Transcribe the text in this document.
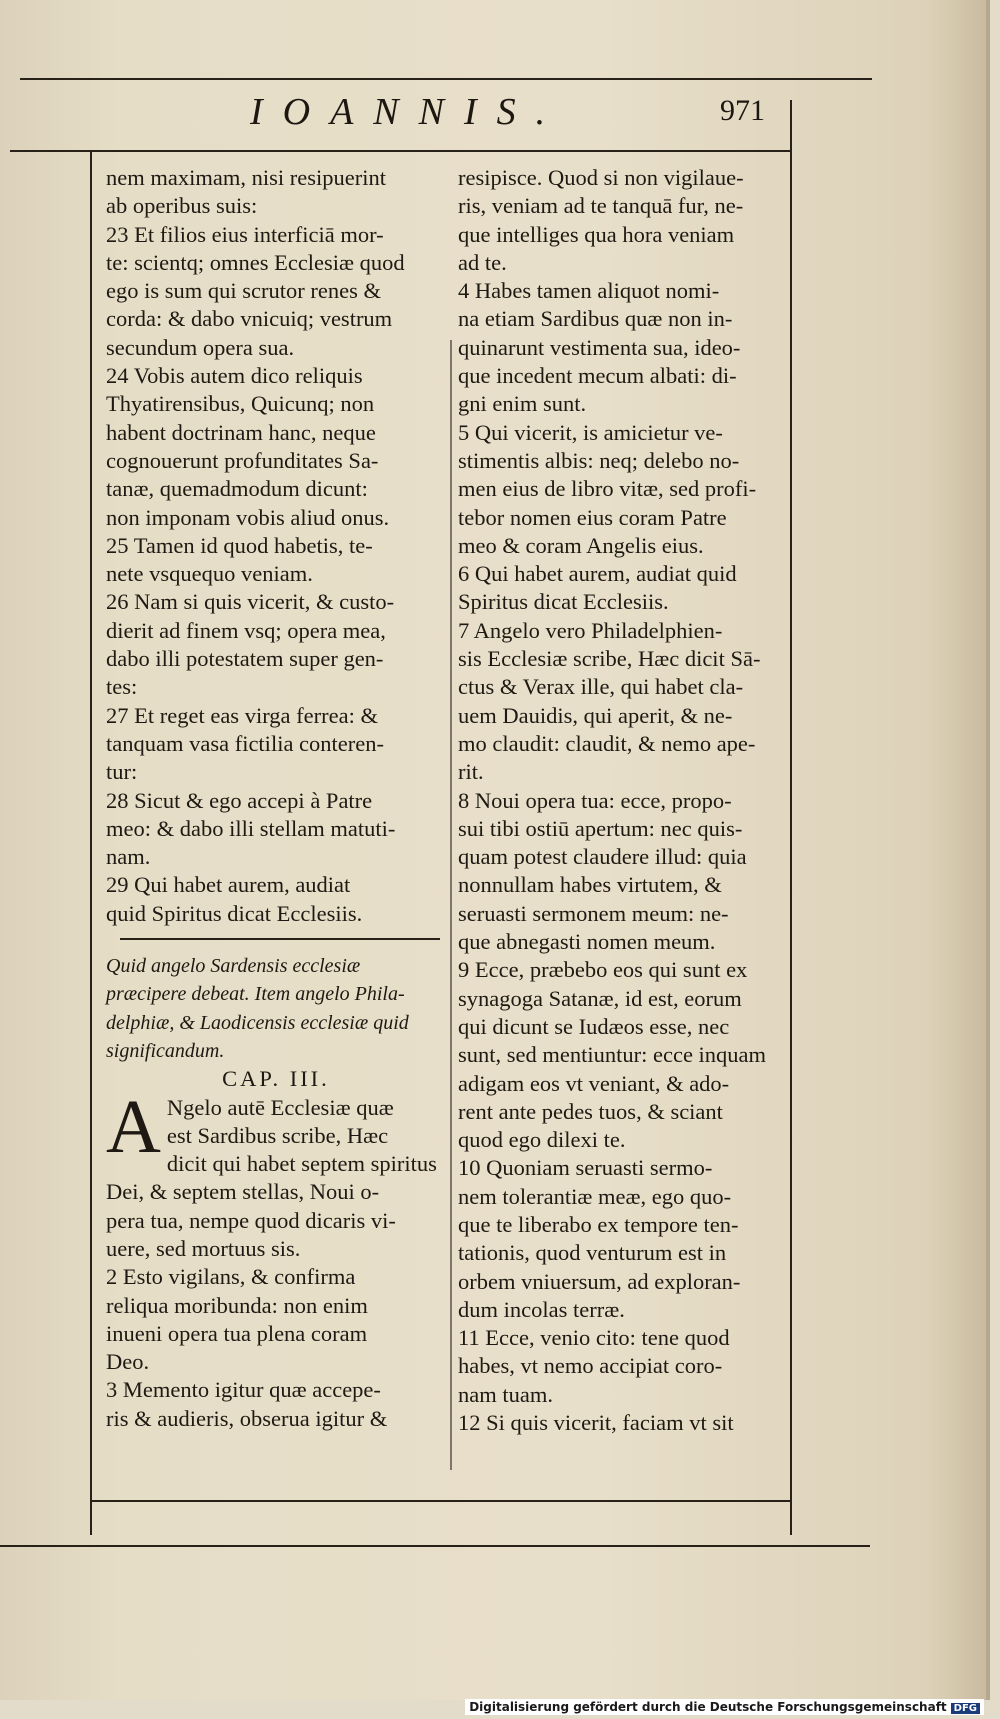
IOANNIS.	971
nem maximam, nisi resipuerint
ab operibus suis:
23 Et filios eius interficiā mor-
te: scientq; omnes Ecclesiæ quod
ego is sum qui scrutor renes &
corda: & dabo vnicuiq; vestrum
secundum opera sua.
24 Vobis autem dico reliquis
Thyatirensibus, Quicunq; non
habent doctrinam hanc, neque
cognouerunt profunditates Sa-
tanæ, quemadmodum dicunt:
non imponam vobis aliud onus.
25 Tamen id quod habetis, te-
nete vsquequo veniam.
26 Nam si quis vicerit, & custo-
dierit ad finem vsq; opera mea,
dabo illi potestatem super gen-
tes:
27 Et reget eas virga ferrea: &
tanquam vasa fictilia conteren-
tur:
28 Sicut & ego accepi à Patre
meo: & dabo illi stellam matuti-
nam.
29 Qui habet aurem, audiat
quid Spiritus dicat Ecclesiis.
Quid angelo Sardensis ecclesiæ
præcipere debeat. Item angelo Phila-
delphiæ, & Laodicensis ecclesiæ quid
significandum.
CAP. III.
A Ngelo autē Ecclesiæ quæ
est Sardibus scribe, Hæc
dicit qui habet septem spiritus
Dei, & septem stellas, Noui o-
pera tua, nempe quod dicaris vi-
uere, sed mortuus sis.
2 Esto vigilans, & confirma
reliqua moribunda: non enim
inueni opera tua plena coram
Deo.
3 Memento igitur quæ accepe-
ris & audieris, obserua igitur &
resipisce. Quod si non vigilaue-
ris, veniam ad te tanquā fur, ne-
que intelliges qua hora veniam
ad te.
4 Habes tamen aliquot nomi-
na etiam Sardibus quæ non in-
quinarunt vestimenta sua, ideo-
que incedent mecum albati: di-
gni enim sunt.
5 Qui vicerit, is amicietur ve-
stimentis albis: neq; delebo no-
men eius de libro vitæ, sed profi-
tebor nomen eius coram Patre
meo & coram Angelis eius.
6 Qui habet aurem, audiat quid
Spiritus dicat Ecclesiis.
7 Angelo vero Philadelphien-
sis Ecclesiæ scribe, Hæc dicit Sā-
ctus & Verax ille, qui habet cla-
uem Dauidis, qui aperit, & ne-
mo claudit: claudit, & nemo ape-
rit.
8 Noui opera tua: ecce, propo-
sui tibi ostiū apertum: nec quis-
quam potest claudere illud: quia
nonnullam habes virtutem, &
seruasti sermonem meum: ne-
que abnegasti nomen meum.
9 Ecce, præbebo eos qui sunt ex
synagoga Satanæ, id est, eorum
qui dicunt se Iudæos esse, nec
sunt, sed mentiuntur: ecce inquam
adigam eos vt veniant, & ado-
rent ante pedes tuos, & sciant
quod ego dilexi te.
10 Quoniam seruasti sermo-
nem tolerantiæ meæ, ego quo-
que te liberabo ex tempore ten-
tationis, quod venturum est in
orbem vniuersum, ad exploran-
dum incolas terræ.
11 Ecce, venio cito: tene quod
habes, vt nemo accipiat coro-
nam tuam.
12 Si quis vicerit, faciam vt sit
Digitalisierung gefördert durch die Deutsche Forschungsgemeinschaft DFG
